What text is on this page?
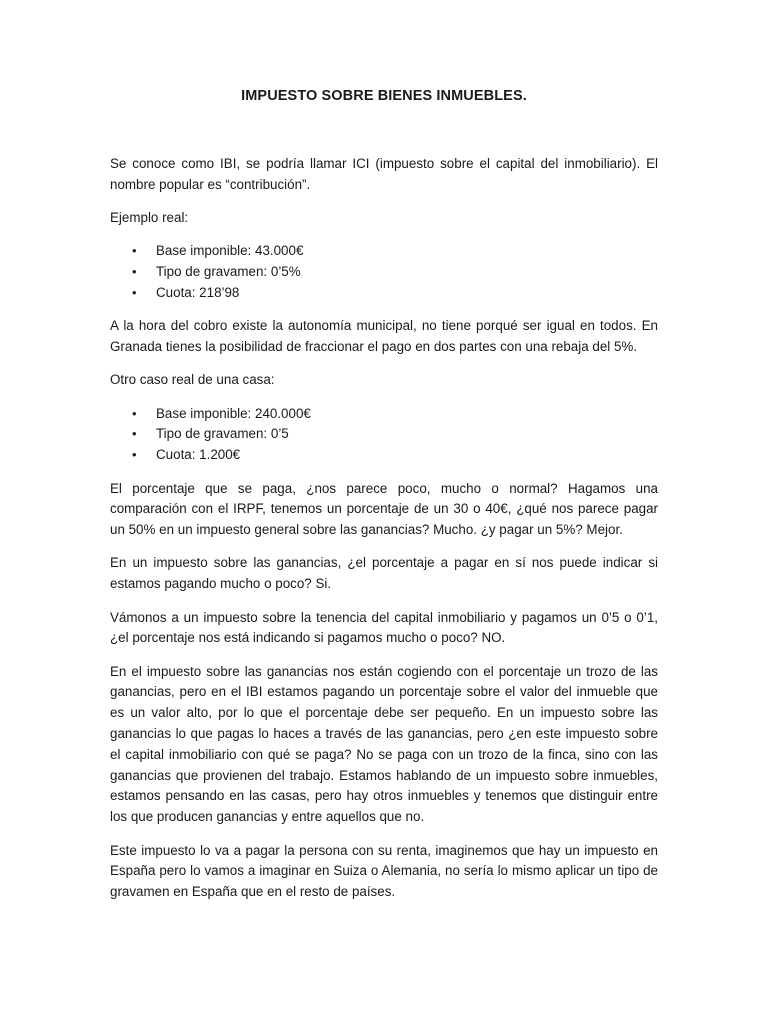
IMPUESTO SOBRE BIENES INMUEBLES.

Se conoce como IBI, se podría llamar ICI (impuesto sobre el capital del inmobiliario). El nombre popular es “contribución”.

Ejemplo real:

• Base imponible: 43.000€
• Tipo de gravamen: 0’5%
• Cuota: 218’98

A la hora del cobro existe la autonomía municipal, no tiene porqué ser igual en todos. En Granada tienes la posibilidad de fraccionar el pago en dos partes con una rebaja del 5%.

Otro caso real de una casa:

• Base imponible: 240.000€
• Tipo de gravamen: 0’5
• Cuota: 1.200€

El porcentaje que se paga, ¿nos parece poco, mucho o normal? Hagamos una comparación con el IRPF, tenemos un porcentaje de un 30 o 40€, ¿qué nos parece pagar un 50% en un impuesto general sobre las ganancias? Mucho. ¿y pagar un 5%? Mejor.

En un impuesto sobre las ganancias, ¿el porcentaje a pagar en sí nos puede indicar si estamos pagando mucho o poco? Si.

Vámonos a un impuesto sobre la tenencia del capital inmobiliario y pagamos un 0’5 o 0’1, ¿el porcentaje nos está indicando si pagamos mucho o poco? NO.

En el impuesto sobre las ganancias nos están cogiendo con el porcentaje un trozo de las ganancias, pero en el IBI estamos pagando un porcentaje sobre el valor del inmueble que es un valor alto, por lo que el porcentaje debe ser pequeño. En un impuesto sobre las ganancias lo que pagas lo haces a través de las ganancias, pero ¿en este impuesto sobre el capital inmobiliario con qué se paga? No se paga con un trozo de la finca, sino con las ganancias que provienen del trabajo. Estamos hablando de un impuesto sobre inmuebles, estamos pensando en las casas, pero hay otros inmuebles y tenemos que distinguir entre los que producen ganancias y entre aquellos que no.

Este impuesto lo va a pagar la persona con su renta, imaginemos que hay un impuesto en España pero lo vamos a imaginar en Suiza o Alemania, no sería lo mismo aplicar un tipo de gravamen en España que en el resto de países.
